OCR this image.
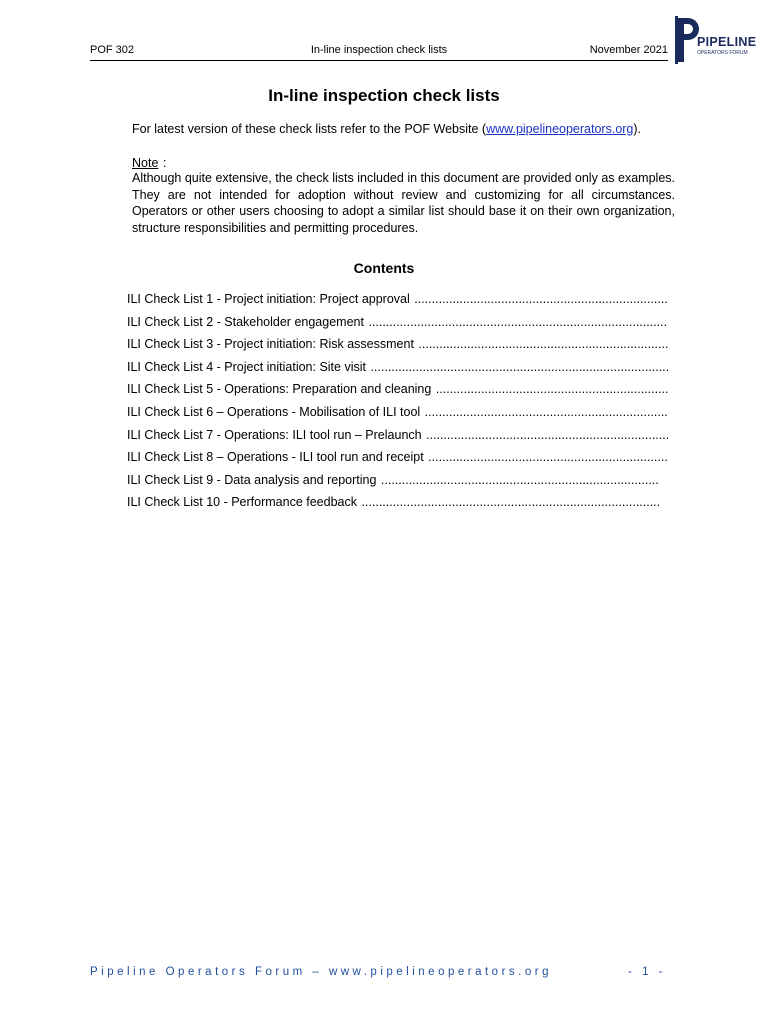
POF 302	In-line inspection check lists	November 2021
PIPELINE
OPERATORS FORUM
In-line inspection check lists
For latest version of these check lists refer to the POF Website (www.pipelineoperators.org).
Note :
Although quite extensive, the check lists included in this document are provided only as examples. They are not intended for adoption without review and customizing for all circumstances. Operators or other users choosing to adopt a similar list should base it on their own organization, structure responsibilities and permitting procedures.
Contents
ILI Check List 1 - Project initiation: Project approval .....
ILI Check List 2 - Stakeholder engagement .....
ILI Check List 3 - Project initiation: Risk assessment .....
ILI Check List 4 - Project initiation: Site visit .....
ILI Check List 5 - Operations: Preparation and cleaning .....
ILI Check List 6 – Operations - Mobilisation of ILI tool .....
ILI Check List 7 - Operations: ILI tool run – Prelaunch .....
ILI Check List 8 – Operations - ILI tool run and receipt .....
ILI Check List 9 - Data analysis and reporting .....
ILI Check List 10 - Performance feedback .....
Pipeline Operators Forum – www.pipelineoperators.org	- 1 -
